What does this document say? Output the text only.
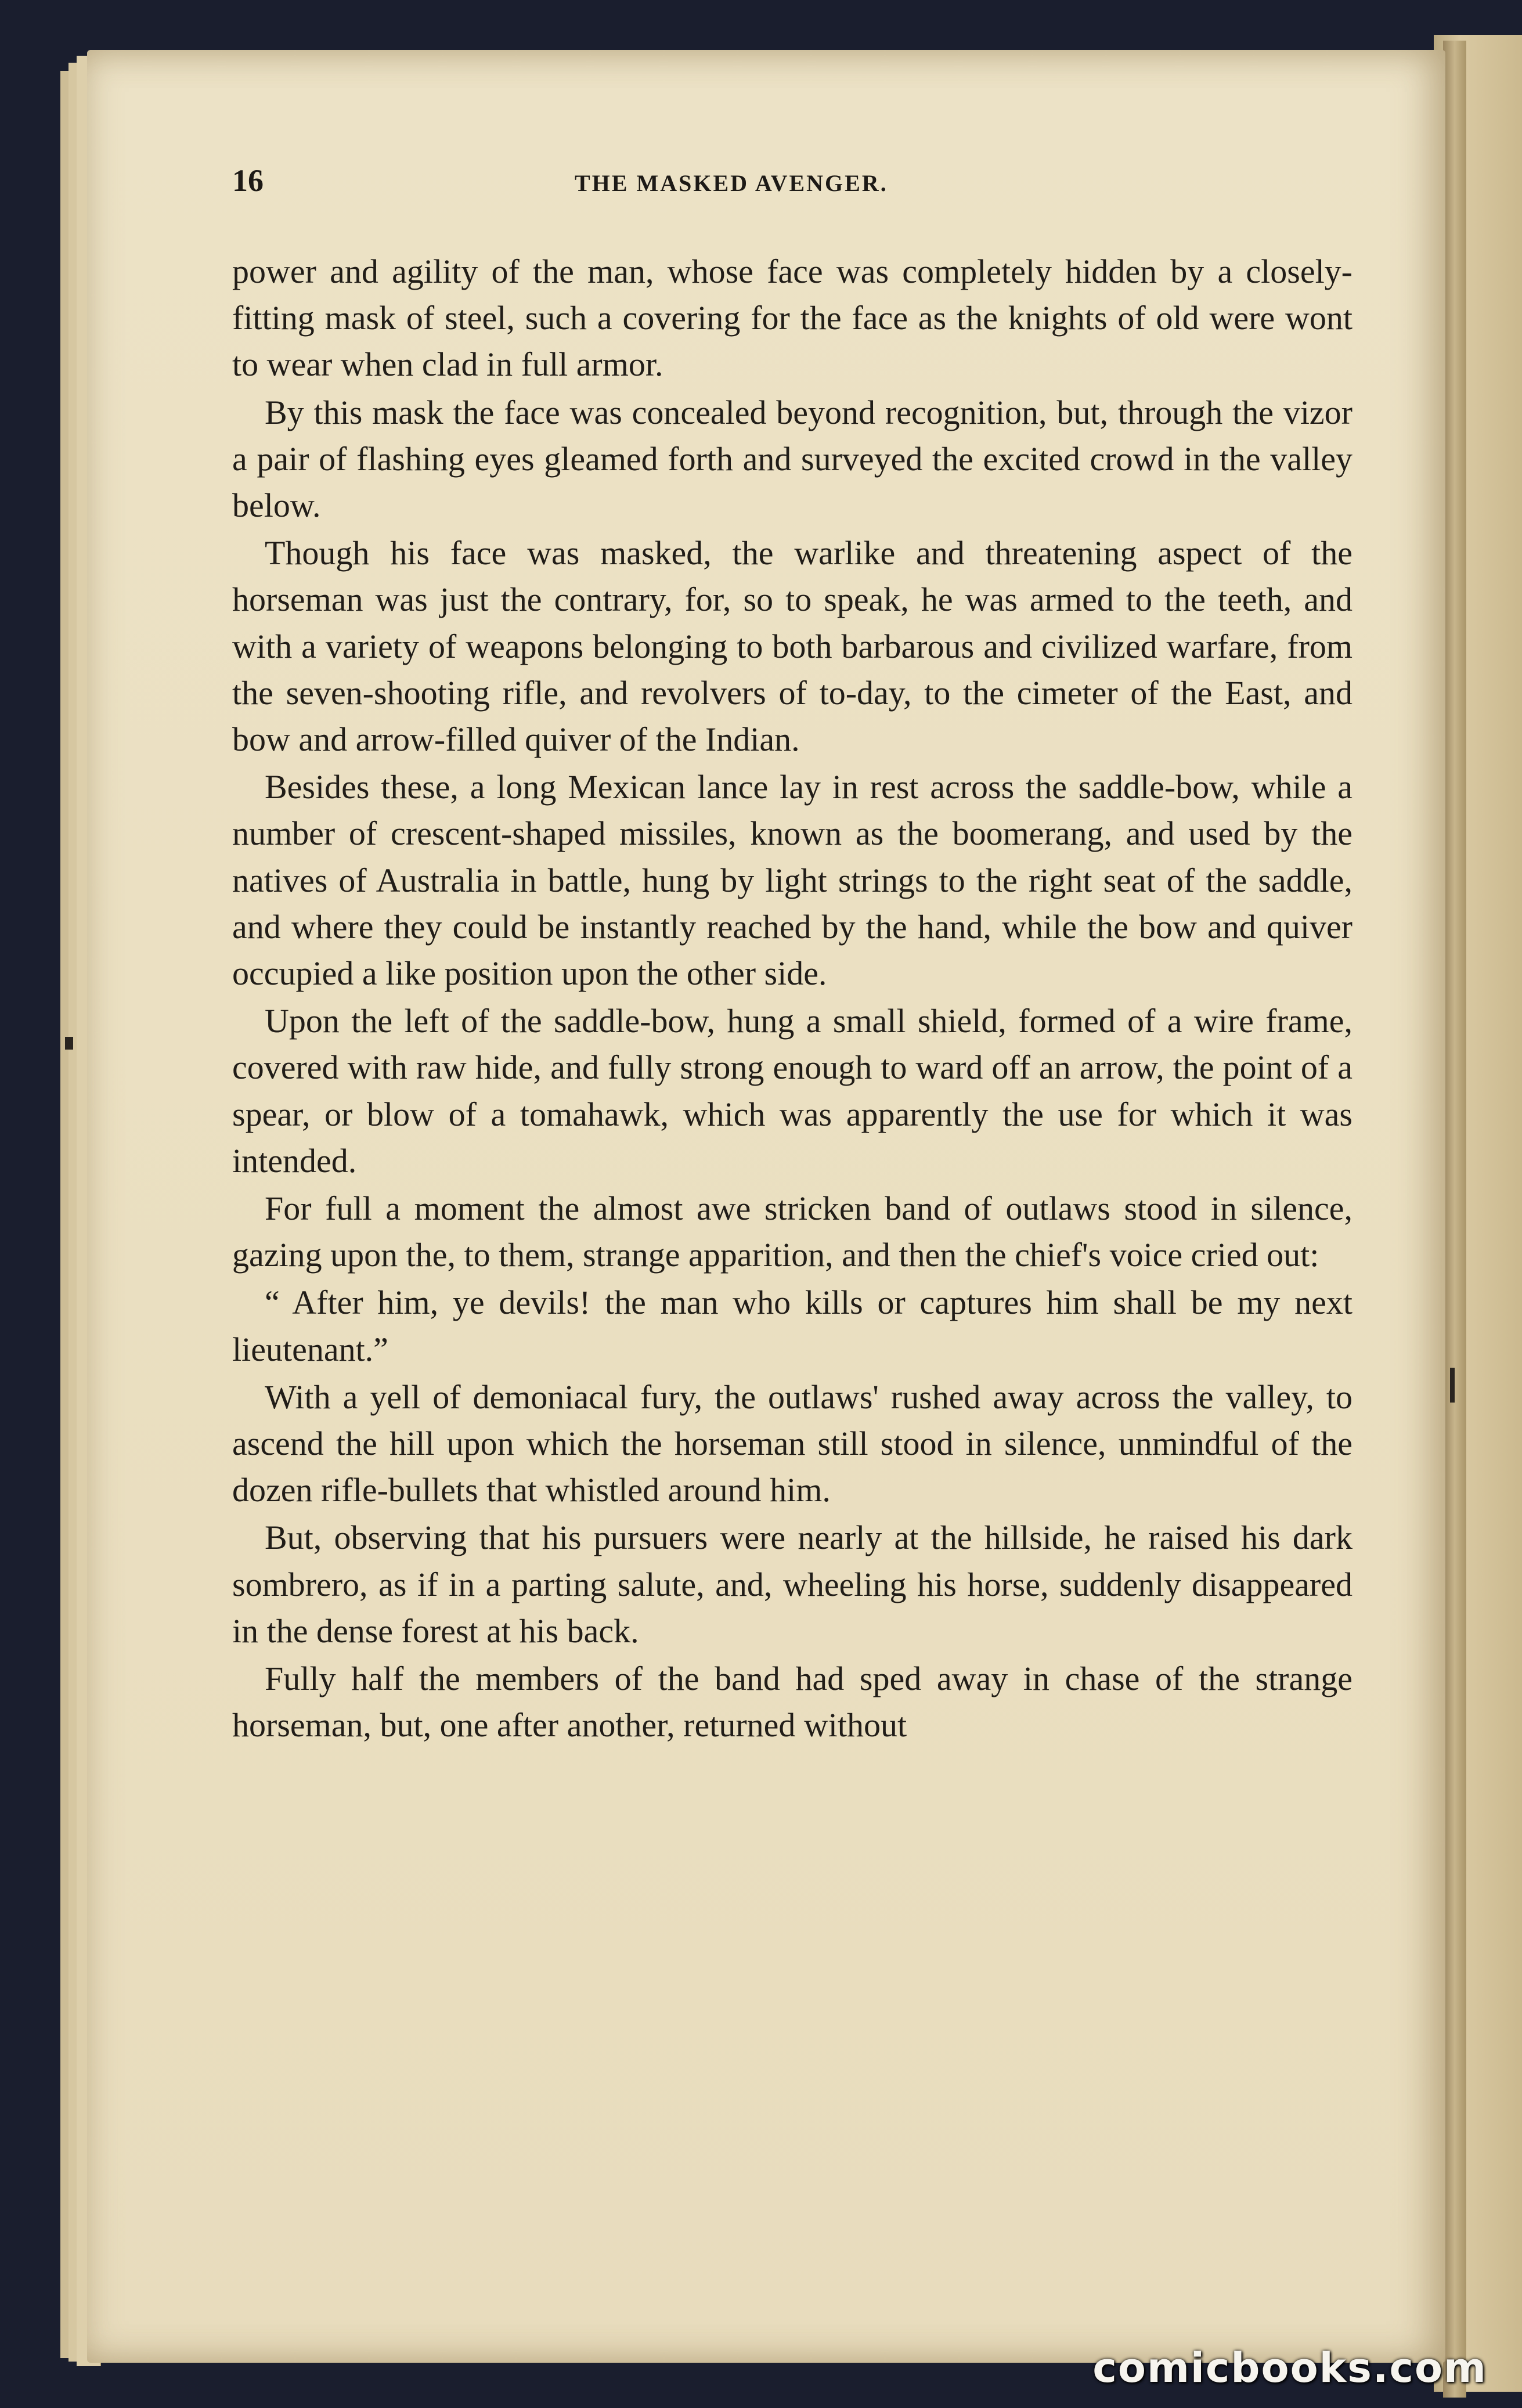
16	THE MASKED AVENGER.

power and agility of the man, whose face was completely hidden by a closely-fitting mask of steel, such a covering for the face as the knights of old were wont to wear when clad in full armor.

By this mask the face was concealed beyond recognition, but, through the vizor a pair of flashing eyes gleamed forth and surveyed the excited crowd in the valley below.

Though his face was masked, the warlike and threatening aspect of the horseman was just the contrary, for, so to speak, he was armed to the teeth, and with a variety of weapons belonging to both barbarous and civilized warfare, from the seven-shooting rifle, and revolvers of to-day, to the cimeter of the East, and bow and arrow-filled quiver of the Indian.

Besides these, a long Mexican lance lay in rest across the saddle-bow, while a number of crescent-shaped missiles, known as the boomerang, and used by the natives of Australia in battle, hung by light strings to the right seat of the saddle, and where they could be instantly reached by the hand, while the bow and quiver occupied a like position upon the other side.

Upon the left of the saddle-bow, hung a small shield, formed of a wire frame, covered with raw hide, and fully strong enough to ward off an arrow, the point of a spear, or blow of a tomahawk, which was apparently the use for which it was intended.

For full a moment the almost awe stricken band of outlaws stood in silence, gazing upon the, to them, strange apparition, and then the chief's voice cried out:

“ After him, ye devils! the man who kills or captures him shall be my next lieutenant.”

With a yell of demoniacal fury, the outlaws' rushed away across the valley, to ascend the hill upon which the horseman still stood in silence, unmindful of the dozen rifle-bullets that whistled around him.

But, observing that his pursuers were nearly at the hillside, he raised his dark sombrero, as if in a parting salute, and, wheeling his horse, suddenly disappeared in the dense forest at his back.

Fully half the members of the band had sped away in chase of the strange horseman, but, one after another, returned without

comicbooks.com
